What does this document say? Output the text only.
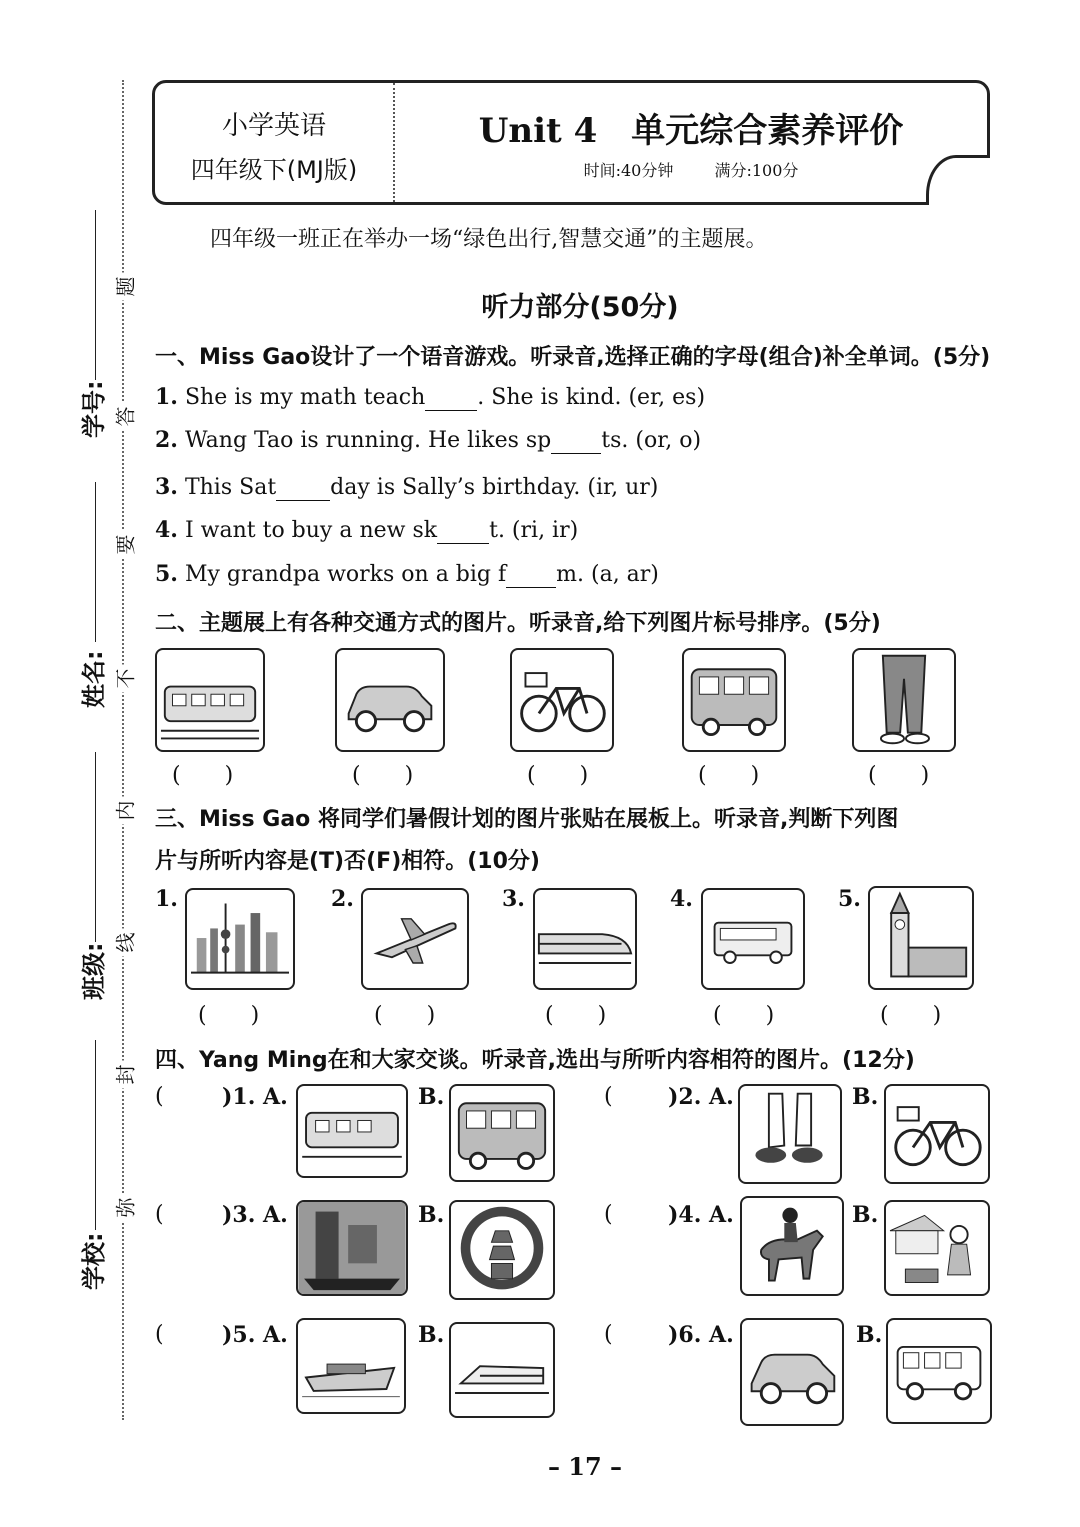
学号:
姓名:
班级:
学校:
题
答
要
不
内
线
封
弥
小学英语
四年级下(MJ版)
Unit 4　单元综合素养评价
时间:40分钟	满分:100分
四年级一班正在举办一场“绿色出行,智慧交通”的主题展。
听力部分(50分)
一、Miss Gao设计了一个语音游戏。听录音,选择正确的字母(组合)补全单词。(5分)
1. She is my math teach . She is kind. (er, es)
2. Wang Tao is running. He likes sp ts. (or, o)
3. This Sat day is Sally’s birthday. (ir, ur)
4. I want to buy a new sk t. (ri, ir)
5. My grandpa works on a big f m. (a, ar)
二、主题展上有各种交通方式的图片。听录音,给下列图片标号排序。(5分)
(　　)	(　　)	(　　)	(　　)	(　　)
三、Miss Gao 将同学们暑假计划的图片张贴在展板上。听录音,判断下列图
片与所听内容是(T)否(F)相符。(10分)
1.	2.	3.	4.	5.
(　　)	(　　)	(　　)	(　　)	(　　)
四、Yang Ming在和大家交谈。听录音,选出与所听内容相符的图片。(12分)
(	)1. A.	B.	(	)2. A.	B.
(	)3. A.	B.	(	)4. A.	B.
(	)5. A.	B.	(	)6. A.	B.
– 17 –
